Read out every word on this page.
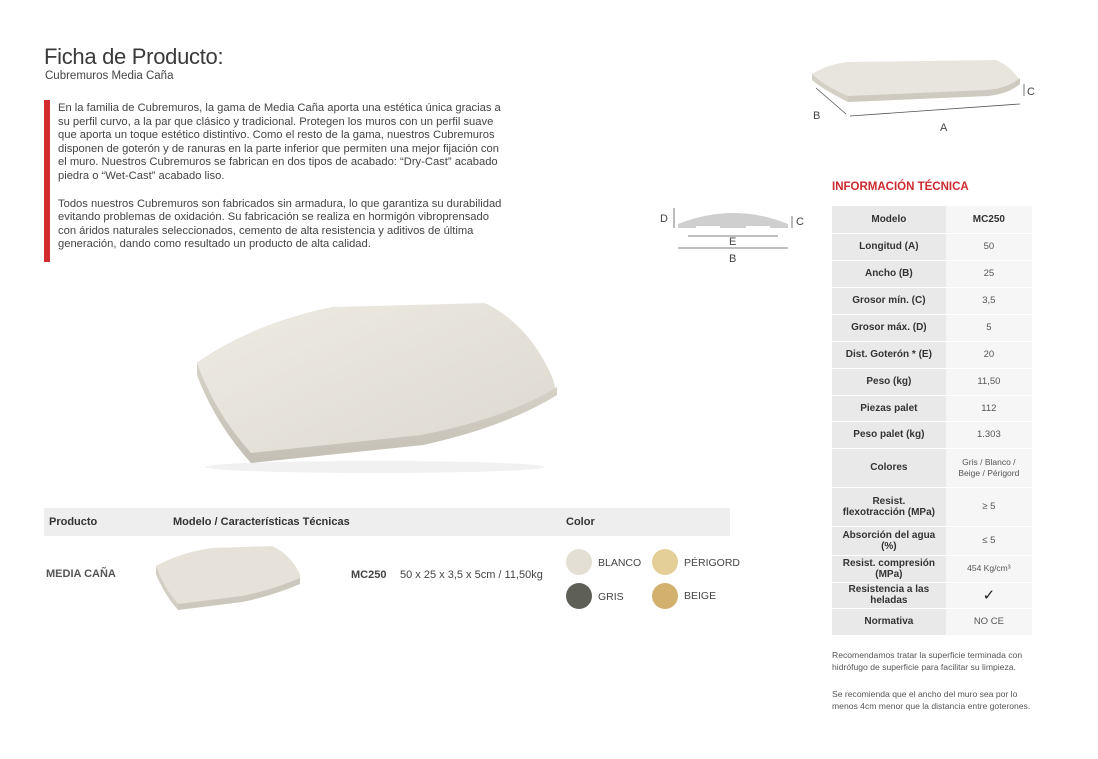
Ficha de Producto:
Cubremuros Media Caña

En la familia de Cubremuros, la gama de Media Caña aporta una estética única gracias a su perfil curvo, a la par que clásico y tradicional. Protegen los muros con un perfil suave que aporta un toque estético distintivo. Como el resto de la gama, nuestros Cubremuros disponen de goterón y de ranuras en la parte inferior que permiten una mejor fijación con el muro. Nuestros Cubremuros se fabrican en dos tipos de acabado: “Dry-Cast” acabado piedra o “Wet-Cast” acabado liso.

Todos nuestros Cubremuros son fabricados sin armadura, lo que garantiza su durabilidad evitando problemas de oxidación. Su fabricación se realiza en hormigón vibroprensado con áridos naturales seleccionados, cemento de alta resistencia y aditivos de última generación, dando como resultado un producto de alta calidad.

Producto	Modelo / Características Técnicas	Color
MEDIA CAÑA	MC250 50 x 25 x 3,5 x 5cm / 11,50kg
BLANCO	PÉRIGORD
GRIS	BEIGE
B
A
C
D	C
E
B
INFORMACIÓN TÉCNICA
Modelo	MC250
Longitud (A)	50
Ancho (B)	25
Grosor mín. (C)	3,5
Grosor máx. (D)	5
Dist. Goterón * (E)	20
Peso (kg)	11,50
Piezas palet	112
Peso palet (kg)	1.303
Colores	Gris / Blanco / Beige / Périgord
Resist. flexotracción (MPa)	≥ 5
Absorción del agua (%)	≤ 5
Resist. compresión (MPa)	454 Kg/cm³
Resistencia a las heladas	✓
Normativa	NO CE
Recomendamos tratar la superficie terminada con hidrófugo de superficie para facilitar su limpieza.
Se recomienda que el ancho del muro sea por lo menos 4cm menor que la distancia entre goterones.
